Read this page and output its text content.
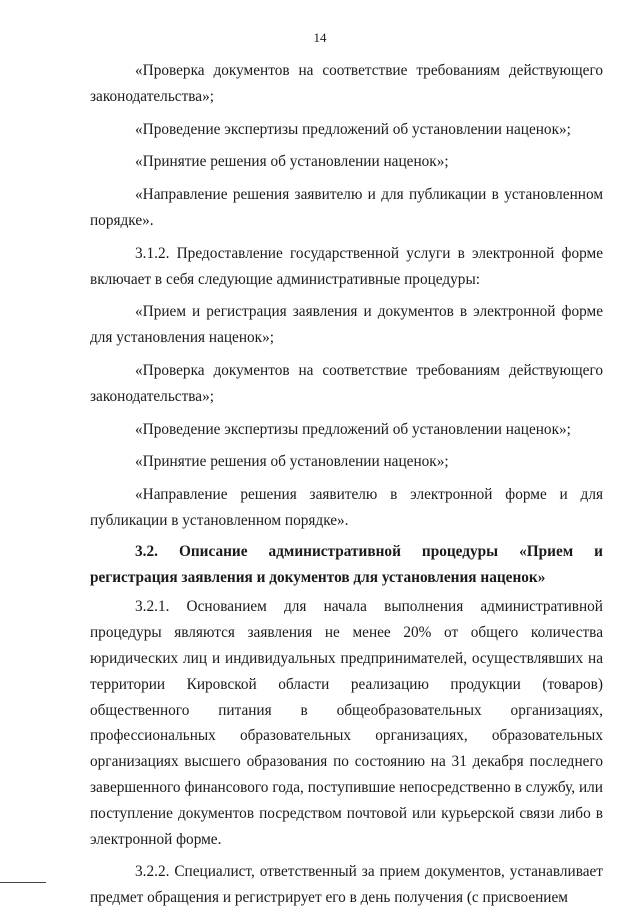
14

«Проверка документов на соответствие требованиям действующего законодательства»;

«Проведение экспертизы предложений об установлении наценок»;

«Принятие решения об установлении наценок»;

«Направление решения заявителю и для публикации в установленном порядке».

3.1.2. Предоставление государственной услуги в электронной форме включает в себя следующие административные процедуры:

«Прием и регистрация заявления и документов в электронной форме для установления наценок»;

«Проверка документов на соответствие требованиям действующего законодательства»;

«Проведение экспертизы предложений об установлении наценок»;

«Принятие решения об установлении наценок»;

«Направление решения заявителю в электронной форме и для публикации в установленном порядке».

3.2. Описание административной процедуры «Прием и регистрация заявления и документов для установления наценок»

3.2.1. Основанием для начала выполнения административной процедуры являются заявления не менее 20% от общего количества юридических лиц и индивидуальных предпринимателей, осуществлявших на территории Кировской области реализацию продукции (товаров) общественного питания в общеобразовательных организациях, профессиональных образовательных организациях, образовательных организациях высшего образования по состоянию на 31 декабря последнего завершенного финансового года, поступившие непосредственно в службу, или поступление документов посредством почтовой или курьерской связи либо в электронной форме.

3.2.2. Специалист, ответственный за прием документов, устанавливает предмет обращения и регистрирует его в день получения (с присвоением
